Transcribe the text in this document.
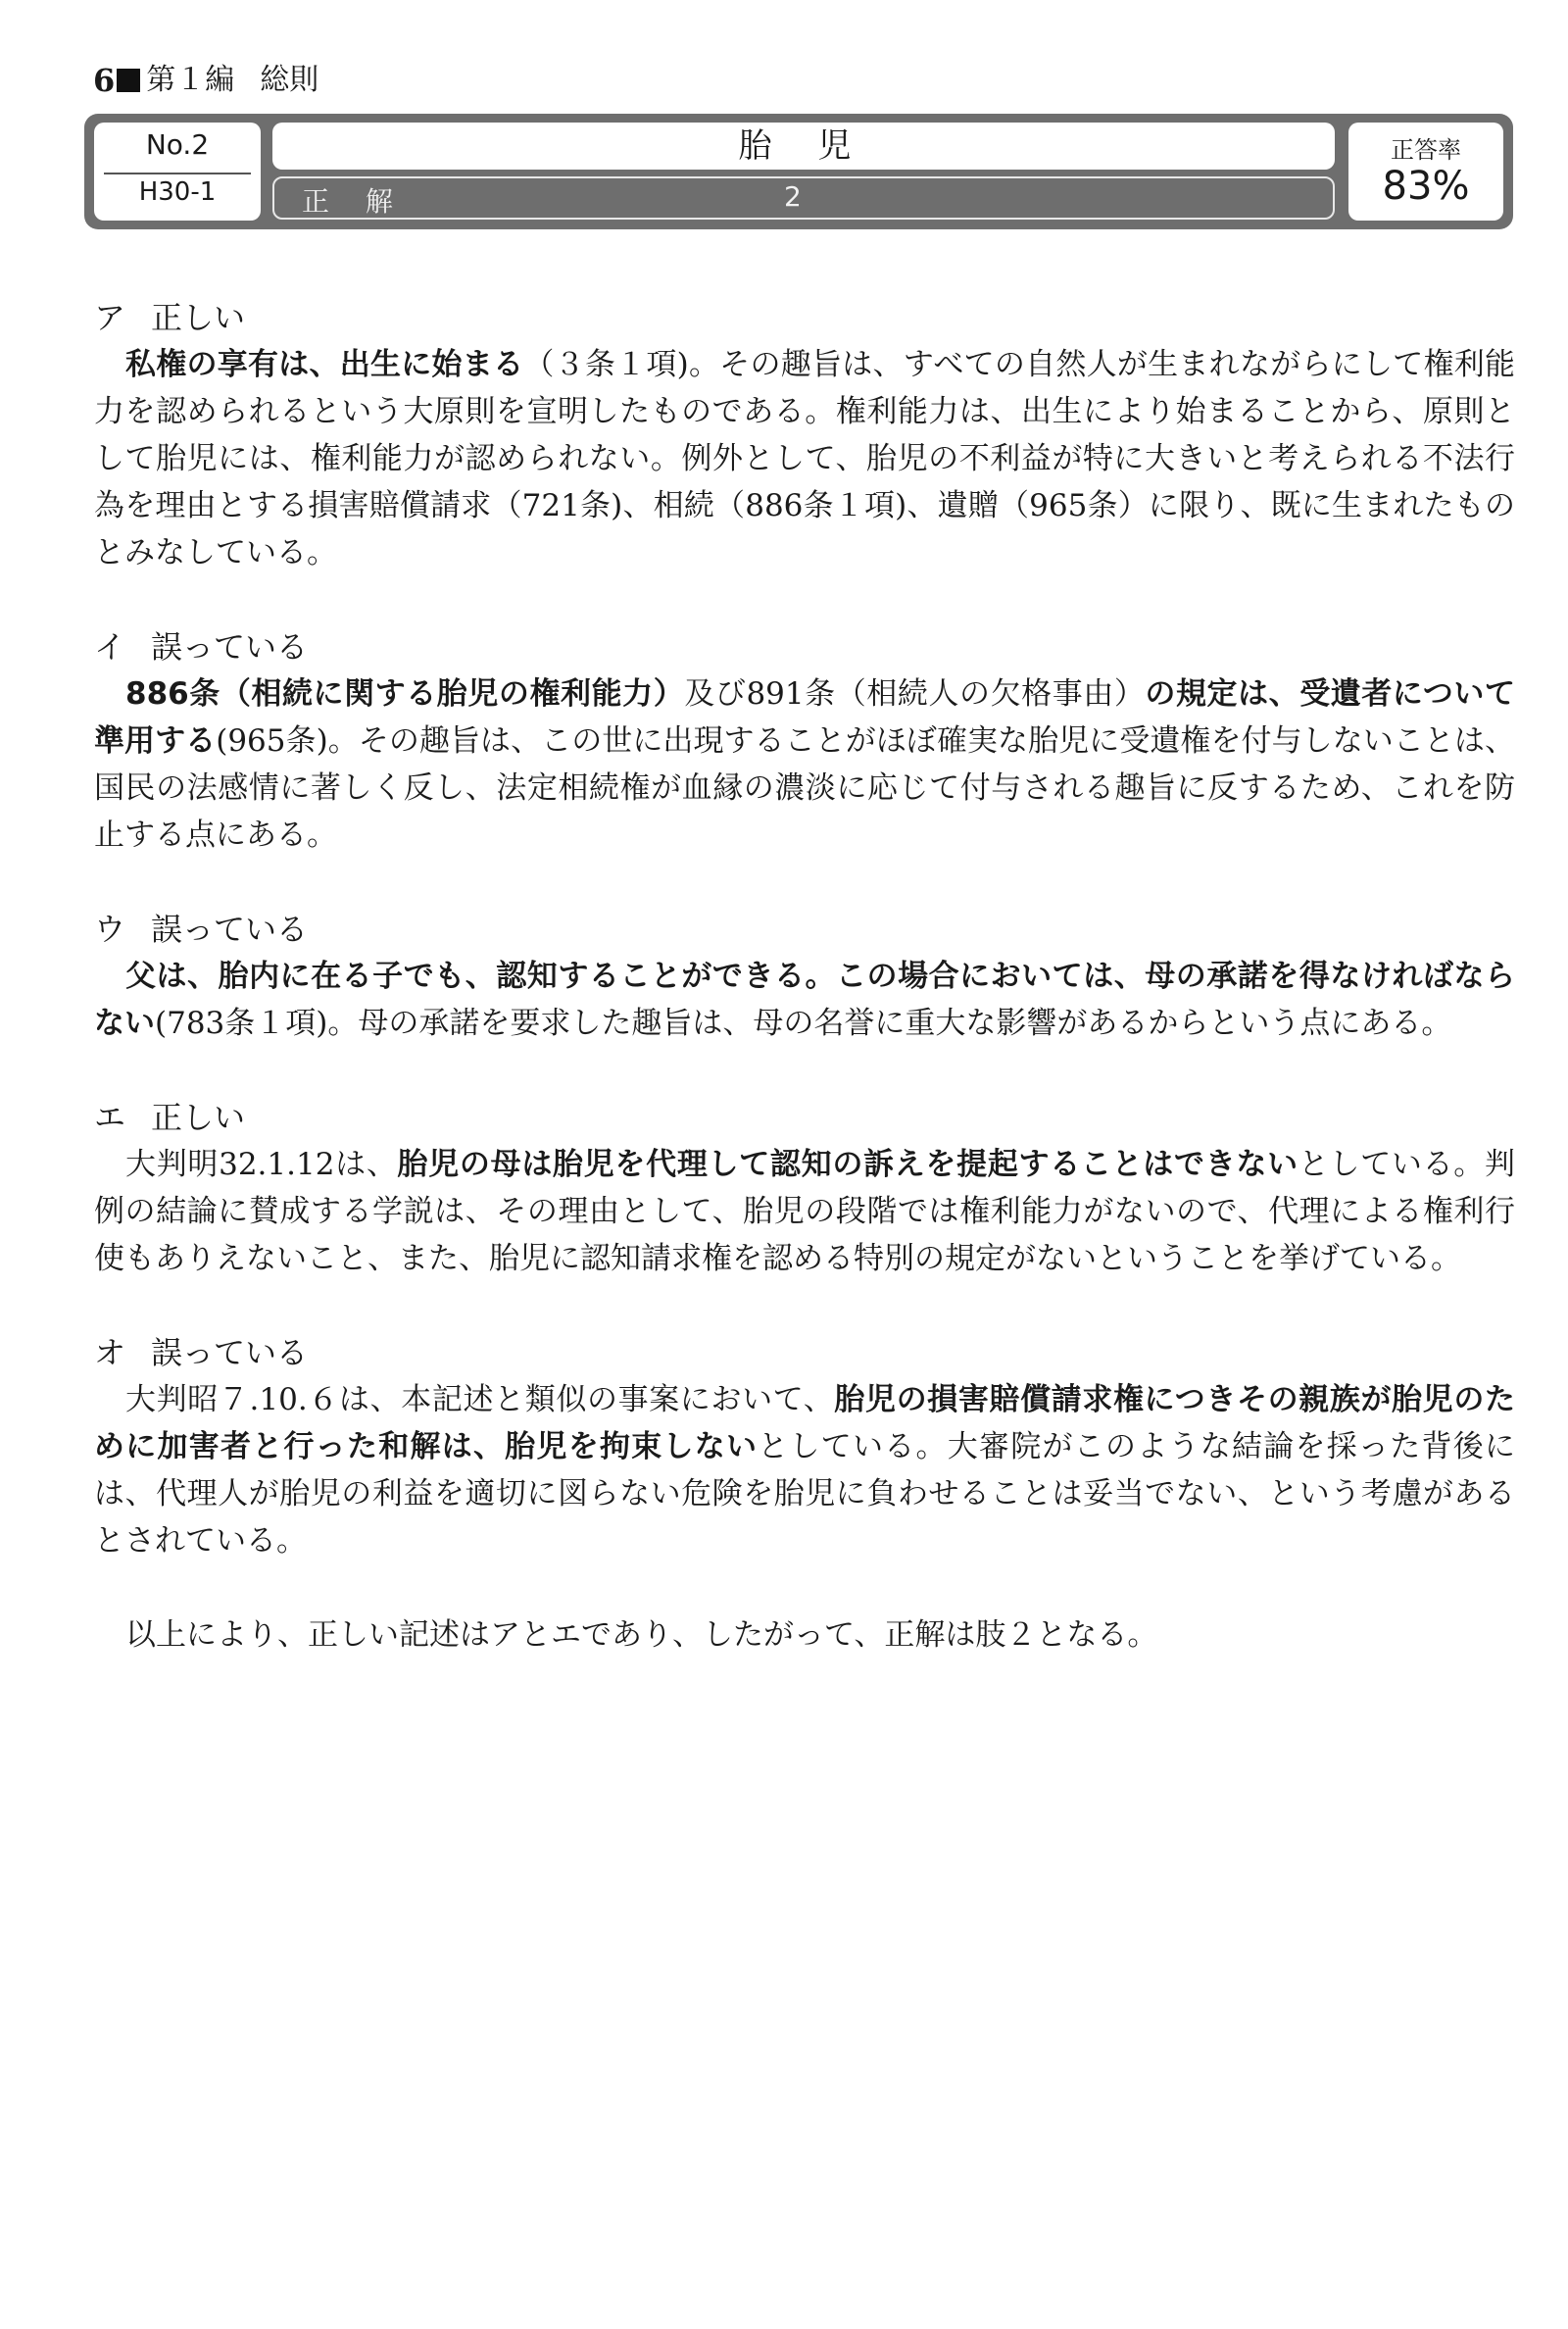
6 第１編 総則
No.2
H30-1
胎 児
正 解	2
正答率
83%
ア 正しい
私権の享有は、出生に始まる（３条１項)。その趣旨は、すべての自然人が生まれながらにして権利能力を認められるという大原則を宣明したものである。権利能力は、出生により始まることから、原則として胎児には、権利能力が認められない。例外として、胎児の不利益が特に大きいと考えられる不法行為を理由とする損害賠償請求（721条)、相続（886条１項)、遺贈（965条）に限り、既に生まれたものとみなしている。
イ 誤っている
886条（相続に関する胎児の権利能力）及び891条（相続人の欠格事由）の規定は、受遺者について準用する(965条)。その趣旨は、この世に出現することがほぼ確実な胎児に受遺権を付与しないことは、国民の法感情に著しく反し、法定相続権が血縁の濃淡に応じて付与される趣旨に反するため、これを防止する点にある。
ウ 誤っている
父は、胎内に在る子でも、認知することができる。この場合においては、母の承諾を得なければならない(783条１項)。母の承諾を要求した趣旨は、母の名誉に重大な影響があるからという点にある。
エ 正しい
大判明32.1.12は、胎児の母は胎児を代理して認知の訴えを提起することはできないとしている。判例の結論に賛成する学説は、その理由として、胎児の段階では権利能力がないので、代理による権利行使もありえないこと、また、胎児に認知請求権を認める特別の規定がないということを挙げている。
オ 誤っている
大判昭７.10.６は、本記述と類似の事案において、胎児の損害賠償請求権につきその親族が胎児のために加害者と行った和解は、胎児を拘束しないとしている。大審院がこのような結論を採った背後には、代理人が胎児の利益を適切に図らない危険を胎児に負わせることは妥当でない、という考慮があるとされている。
以上により、正しい記述はアとエであり、したがって、正解は肢２となる。
